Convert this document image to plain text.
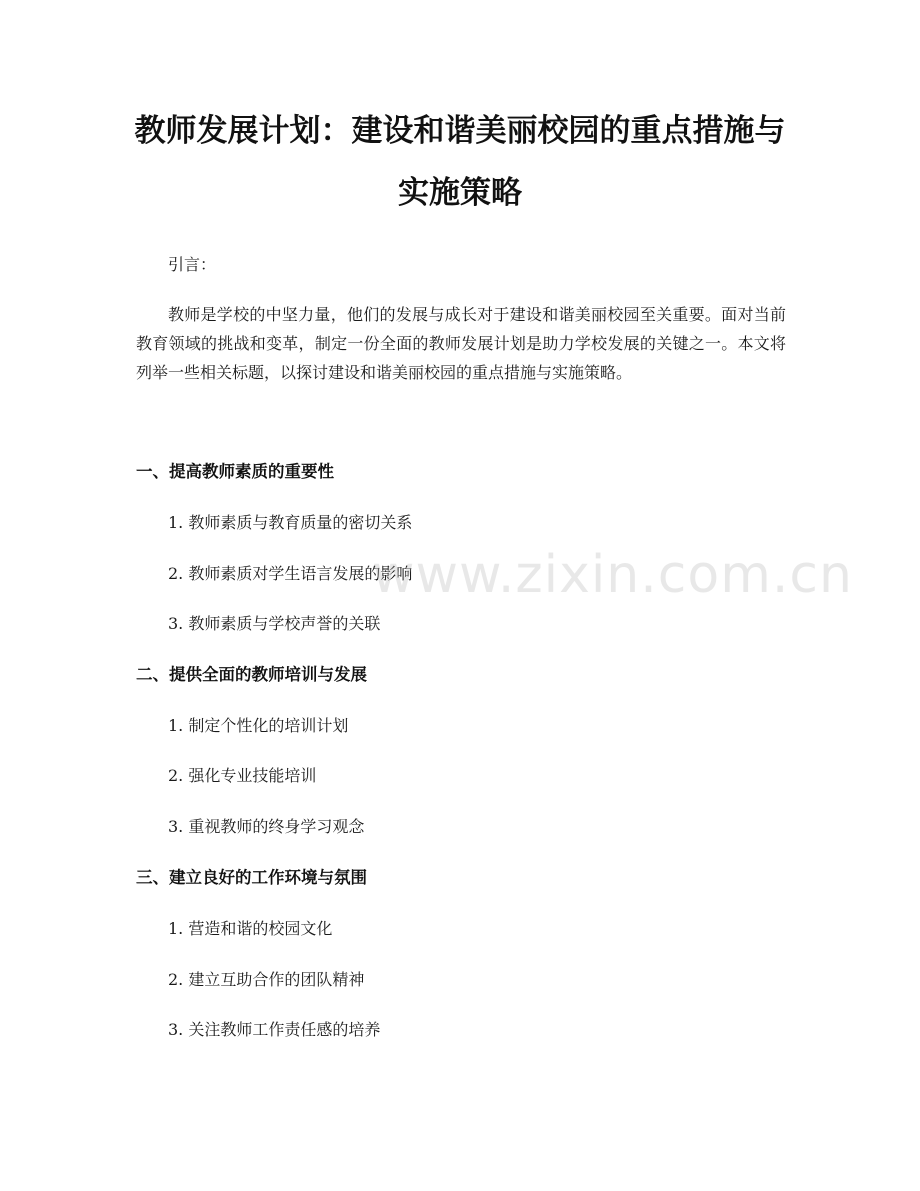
教师发展计划：建设和谐美丽校园的重点措施与实施策略

引言：

教师是学校的中坚力量，他们的发展与成长对于建设和谐美丽校园至关重要。面对当前教育领域的挑战和变革，制定一份全面的教师发展计划是助力学校发展的关键之一。本文将列举一些相关标题，以探讨建设和谐美丽校园的重点措施与实施策略。

一、提高教师素质的重要性

1. 教师素质与教育质量的密切关系

2. 教师素质对学生语言发展的影响

3. 教师素质与学校声誉的关联

二、提供全面的教师培训与发展

1. 制定个性化的培训计划

2. 强化专业技能培训

3. 重视教师的终身学习观念

三、建立良好的工作环境与氛围

1. 营造和谐的校园文化

2. 建立互助合作的团队精神

3. 关注教师工作责任感的培养

www.zixin.com.cn
